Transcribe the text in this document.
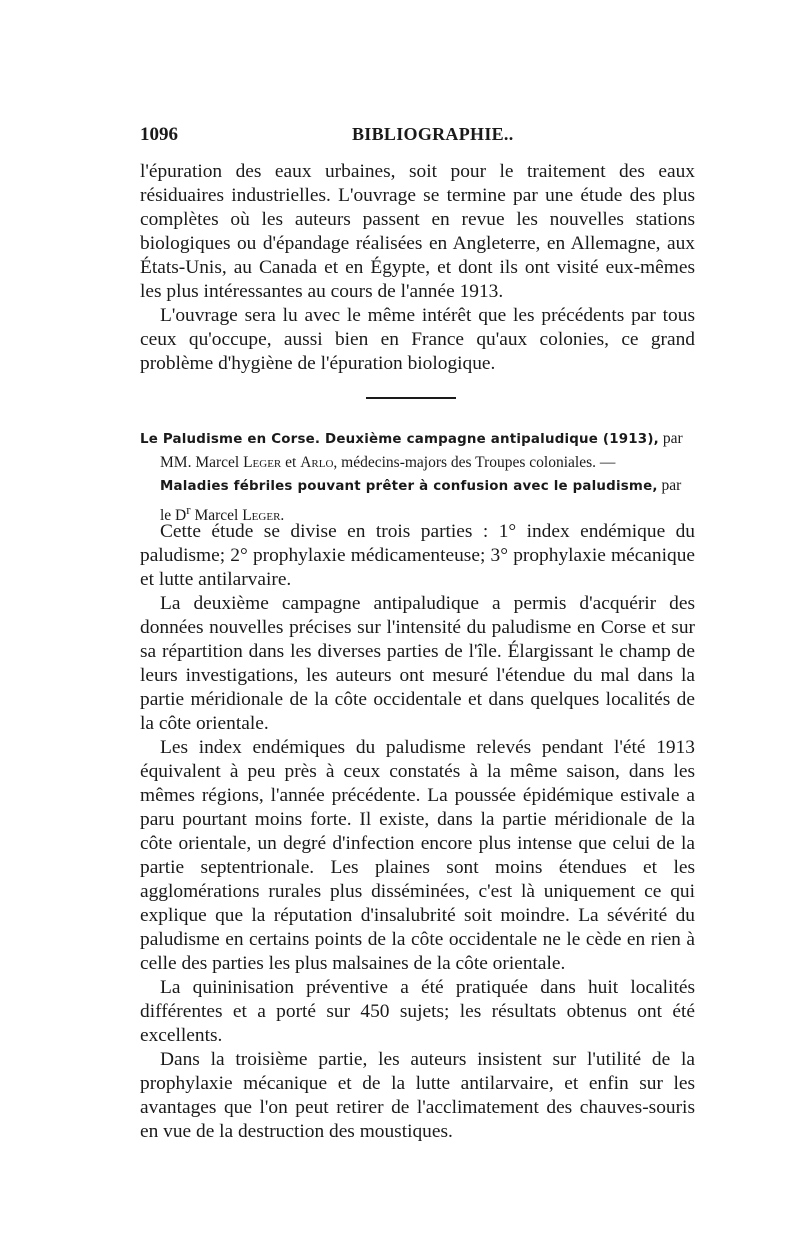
1096	BIBLIOGRAPHIE..

l'épuration des eaux urbaines, soit pour le traitement des eaux résiduaires industrielles. L'ouvrage se termine par une étude des plus complètes où les auteurs passent en revue les nouvelles stations biologiques ou d'épandage réalisées en Angleterre, en Allemagne, aux États-Unis, au Canada et en Égypte, et dont ils ont visité eux-mêmes les plus intéressantes au cours de l'année 1913.

L'ouvrage sera lu avec le même intérêt que les précédents par tous ceux qu'occupe, aussi bien en France qu'aux colonies, ce grand problème d'hygiène de l'épuration biologique.

Le Paludisme en Corse. Deuxième campagne antipaludique (1913), par
MM. Marcel Leger et Arlo, médecins-majors des Troupes coloniales. —
Maladies fébriles pouvant prêter à confusion avec le paludisme, par
le $D^r$ Marcel Leger.

Cette étude se divise en trois parties : 1° index endémique du paludisme; 2° prophylaxie médicamenteuse; 3° prophylaxie mécanique et lutte antilarvaire.

La deuxième campagne antipaludique a permis d'acquérir des données nouvelles précises sur l'intensité du paludisme en Corse et sur sa répartition dans les diverses parties de l'île. Élargissant le champ de leurs investigations, les auteurs ont mesuré l'étendue du mal dans la partie méridionale de la côte occidentale et dans quelques localités de la côte orientale.

Les index endémiques du paludisme relevés pendant l'été 1913 équivalent à peu près à ceux constatés à la même saison, dans les mêmes régions, l'année précédente. La poussée épidémique estivale a paru pourtant moins forte. Il existe, dans la partie méridionale de la côte orientale, un degré d'infection encore plus intense que celui de la partie septentrionale. Les plaines sont moins étendues et les agglomérations rurales plus disséminées, c'est là uniquement ce qui explique que la réputation d'insalubrité soit moindre. La sévérité du paludisme en certains points de la côte occidentale ne le cède en rien à celle des parties les plus malsaines de la côte orientale.

La quininisation préventive a été pratiquée dans huit localités différentes et a porté sur 450 sujets; les résultats obtenus ont été excellents.

Dans la troisième partie, les auteurs insistent sur l'utilité de la prophylaxie mécanique et de la lutte antilarvaire, et enfin sur les avantages que l'on peut retirer de l'acclimatement des chauves-souris en vue de la destruction des moustiques.
